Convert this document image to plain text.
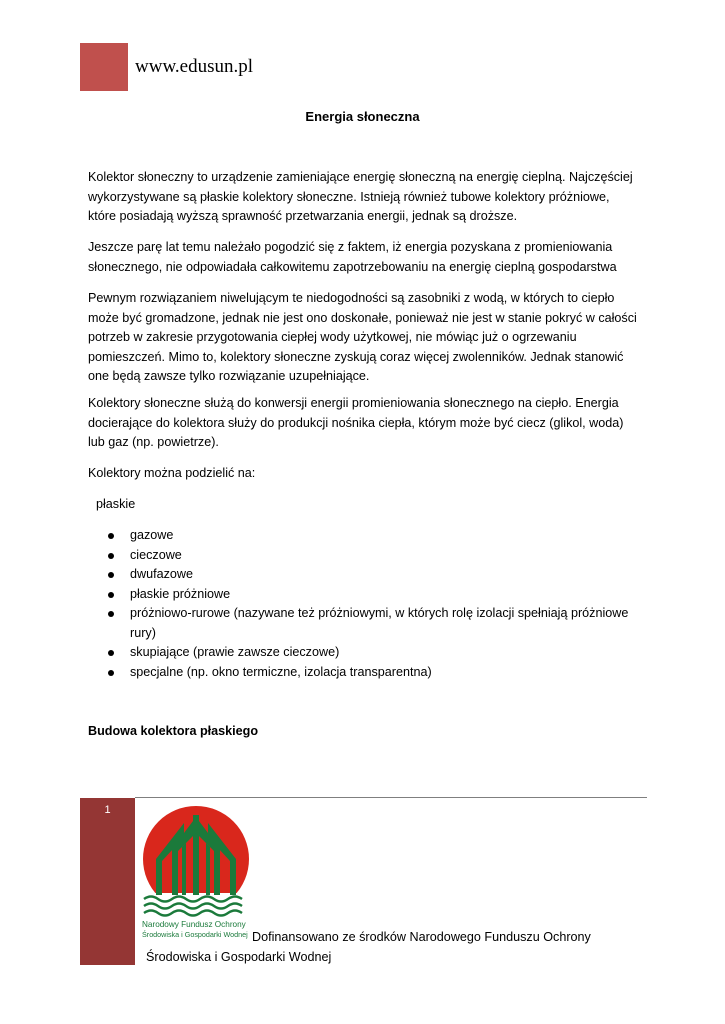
www.edusun.pl
Energia słoneczna

Kolektor słoneczny to urządzenie zamieniające energię słoneczną na energię cieplną. Najczęściej wykorzystywane są płaskie kolektory słoneczne. Istnieją również tubowe kolektory próżniowe, które posiadają wyższą sprawność przetwarzania energii, jednak są droższe.

Jeszcze parę lat temu należało pogodzić się z faktem, iż energia pozyskana z promieniowania słonecznego, nie odpowiadała całkowitemu zapotrzebowaniu na energię cieplną gospodarstwa

Pewnym rozwiązaniem niwelującym te niedogodności są zasobniki z wodą, w których to ciepło może być gromadzone, jednak nie jest ono doskonałe, ponieważ nie jest w stanie pokryć w całości potrzeb w zakresie przygotowania ciepłej wody użytkowej, nie mówiąc już o ogrzewaniu pomieszczeń. Mimo to, kolektory słoneczne zyskują coraz więcej zwolenników. Jednak stanowić one będą zawsze tylko rozwiązanie uzupełniające.

Kolektory słoneczne służą do konwersji energii promieniowania słonecznego na ciepło. Energia docierające do kolektora służy do produkcji nośnika ciepła, którym może być ciecz (glikol, woda) lub gaz (np. powietrze).

Kolektory można podzielić na:

płaskie
gazowe
cieczowe
dwufazowe
płaskie próżniowe
próżniowo-rurowe (nazywane też próżniowymi, w których rolę izolacji spełniają próżniowe rury)
skupiające (prawie zawsze cieczowe)
specjalne (np. okno termiczne, izolacja transparentna)
Budowa kolektora płaskiego
1
Narodowy Fundusz Ochrony
Środowiska i Gospodarki Wodnej Dofinansowano ze środków Narodowego Funduszu Ochrony
Środowiska i Gospodarki Wodnej
